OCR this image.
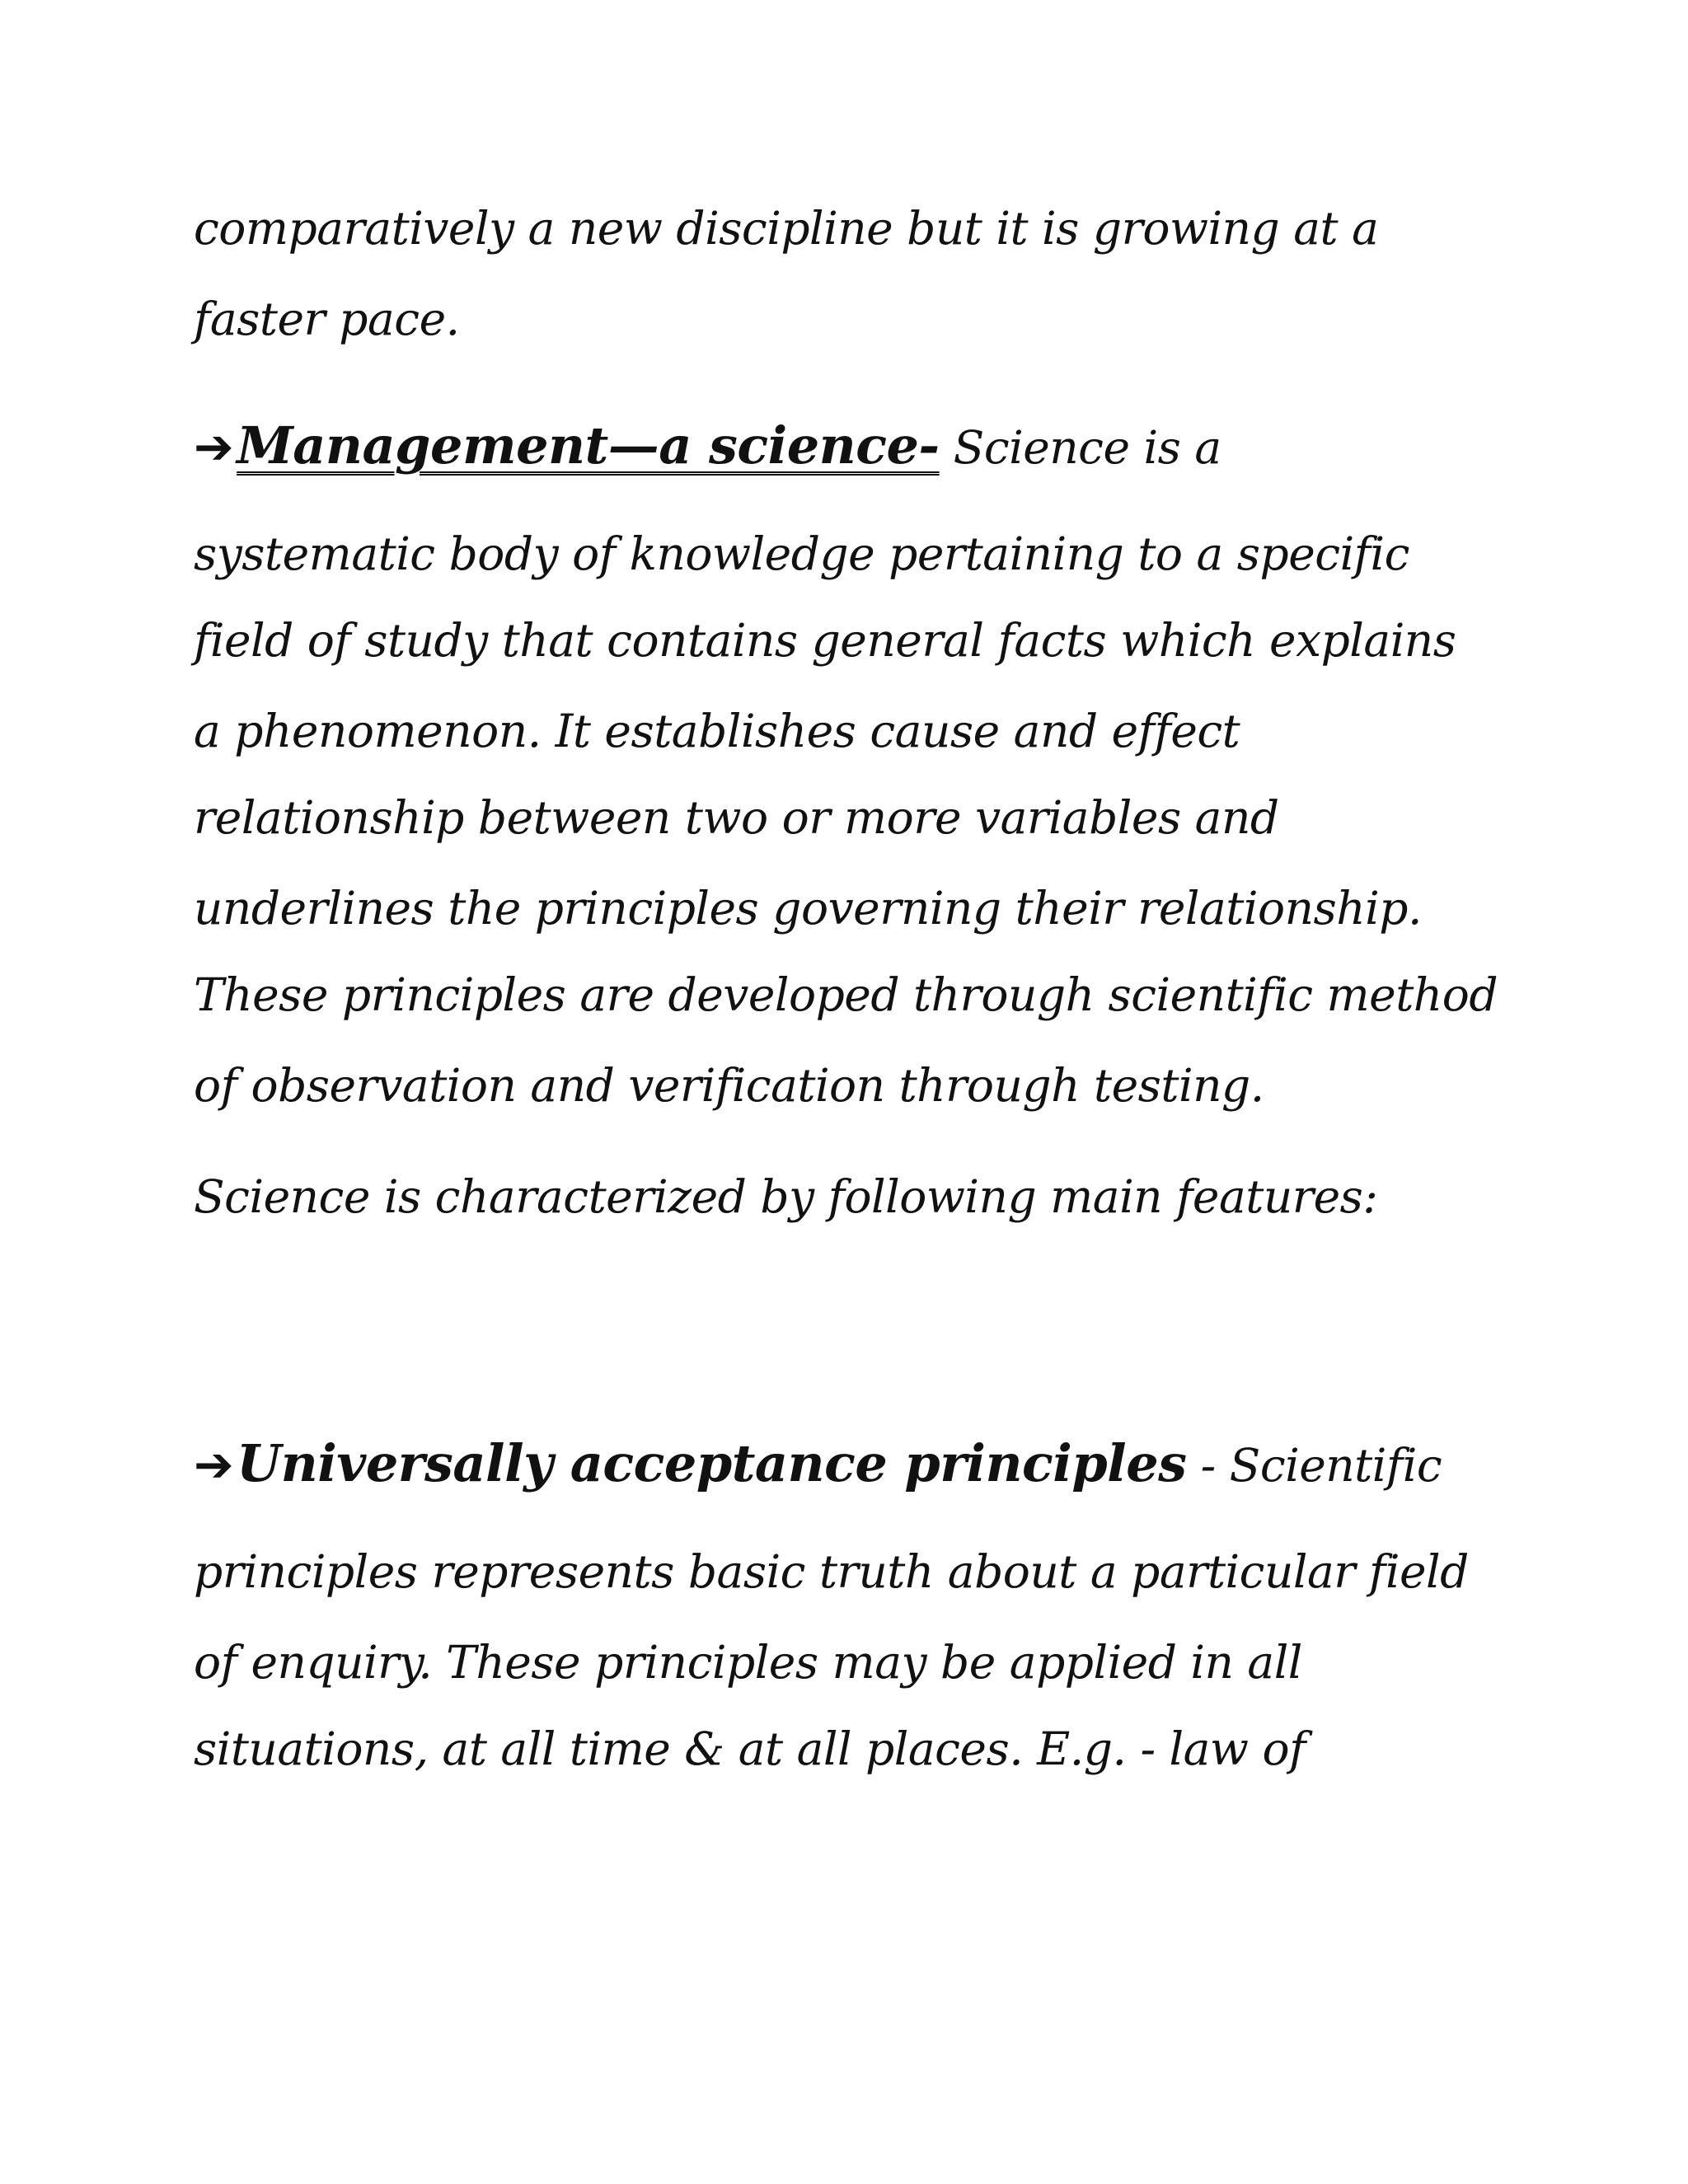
comparatively a new discipline but it is growing at a
faster pace.
➔Management—a science- Science is a
systematic body of knowledge pertaining to a specific
field of study that contains general facts which explains
a phenomenon. It establishes cause and effect
relationship between two or more variables and
underlines the principles governing their relationship.
These principles are developed through scientific method
of observation and verification through testing.
Science is characterized by following main features:
➔Universally acceptance principles - Scientific
principles represents basic truth about a particular field
of enquiry. These principles may be applied in all
situations, at all time & at all places. E.g. - law of
